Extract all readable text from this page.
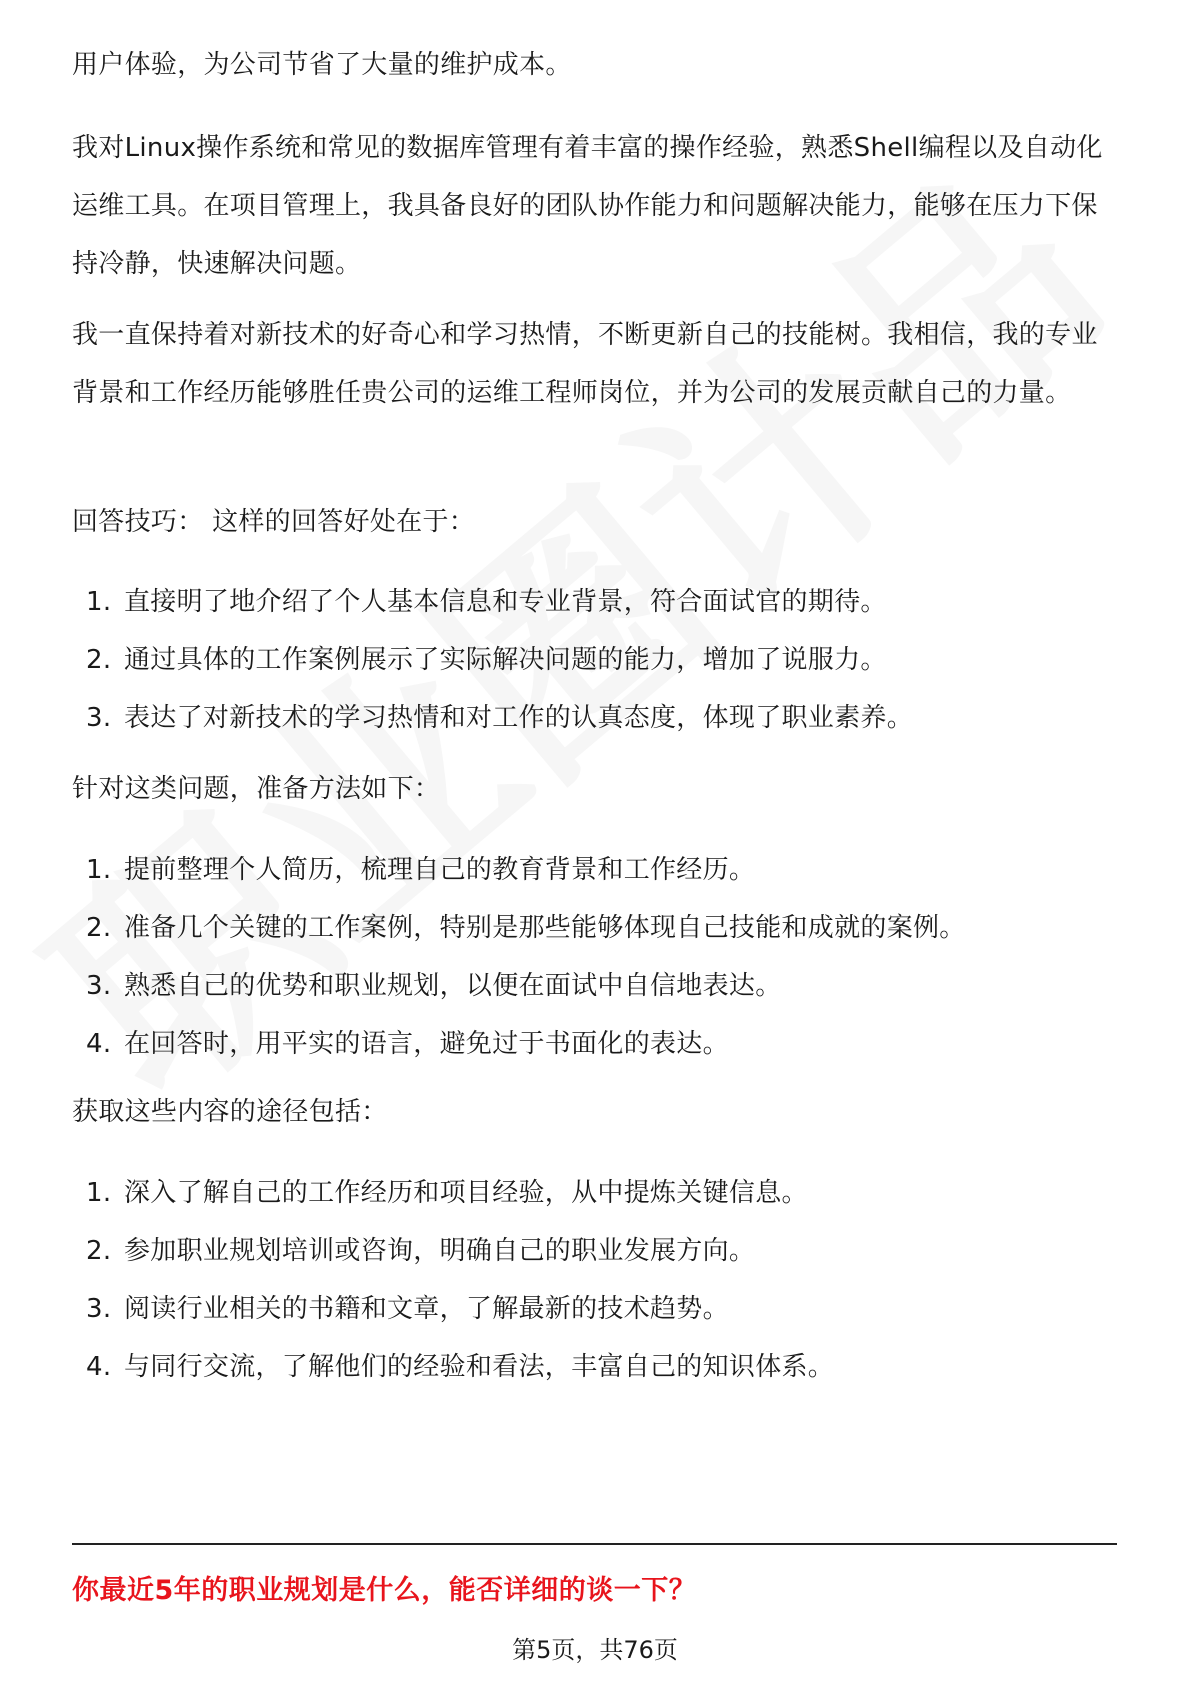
用户体验，为公司节省了大量的维护成本。

我对Linux操作系统和常见的数据库管理有着丰富的操作经验，熟悉Shell编程以及自动化运维工具。在项目管理上，我具备良好的团队协作能力和问题解决能力，能够在压力下保持冷静，快速解决问题。

我一直保持着对新技术的好奇心和学习热情，不断更新自己的技能树。我相信，我的专业背景和工作经历能够胜任贵公司的运维工程师岗位，并为公司的发展贡献自己的力量。

回答技巧： 这样的回答好处在于：

1. 直接明了地介绍了个人基本信息和专业背景，符合面试官的期待。
2. 通过具体的工作案例展示了实际解决问题的能力，增加了说服力。
3. 表达了对新技术的学习热情和对工作的认真态度，体现了职业素养。

针对这类问题，准备方法如下：

1. 提前整理个人简历，梳理自己的教育背景和工作经历。
2. 准备几个关键的工作案例，特别是那些能够体现自己技能和成就的案例。
3. 熟悉自己的优势和职业规划，以便在面试中自信地表达。
4. 在回答时，用平实的语言，避免过于书面化的表达。

获取这些内容的途径包括：

1. 深入了解自己的工作经历和项目经验，从中提炼关键信息。
2. 参加职业规划培训或咨询，明确自己的职业发展方向。
3. 阅读行业相关的书籍和文章，了解最新的技术趋势。
4. 与同行交流，了解他们的经验和看法，丰富自己的知识体系。
你最近5年的职业规划是什么，能否详细的谈一下？
第5页，共76页
